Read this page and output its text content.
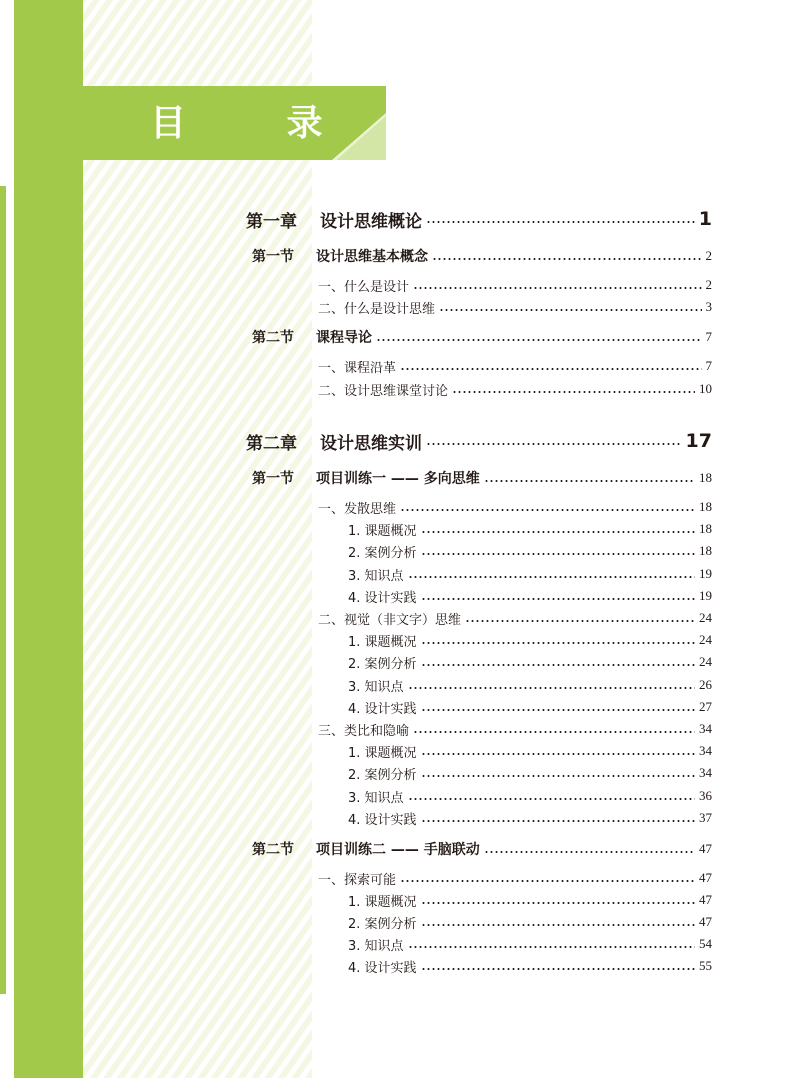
目 录
第一章	设计思维概论	1
第一节	设计思维基本概念	2
一、什么是设计	2
二、什么是设计思维	3
第二节	课程导论	7
一、课程沿革	7
二、设计思维课堂讨论	10
第二章	设计思维实训	17
第一节	项目训练一 —— 多向思维	18
一、发散思维	18
1. 课题概况	18
2. 案例分析	18
3. 知识点	19
4. 设计实践	19
二、视觉（非文字）思维	24
1. 课题概况	24
2. 案例分析	24
3. 知识点	26
4. 设计实践	27
三、类比和隐喻	34
1. 课题概况	34
2. 案例分析	34
3. 知识点	36
4. 设计实践	37
第二节	项目训练二 —— 手脑联动	47
一、探索可能	47
1. 课题概况	47
2. 案例分析	47
3. 知识点	54
4. 设计实践	55
